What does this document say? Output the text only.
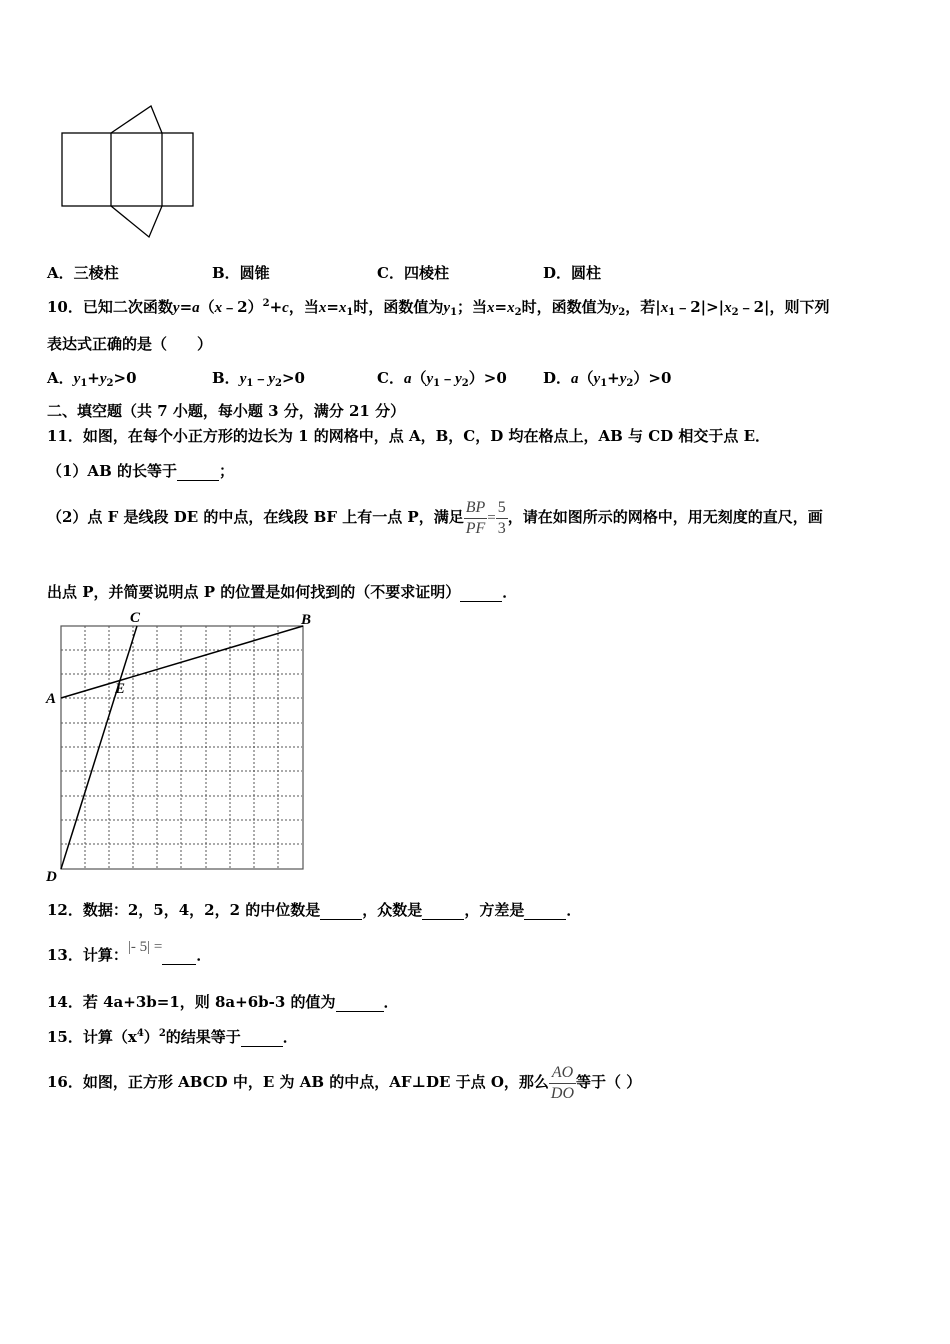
A．三棱柱	B．圆锥	C．四棱柱	D．圆柱
10．已知二次函数y=a（x﹣2）$^2$+c，当$x=x_1$时，函数值为$y_1$；当$x=x_2$时，函数值为$y_2$，若$|x_1﹣2|>|x_2﹣2|$，则下列
表达式正确的是（　　）
A．$y_1+y_2>0$	B．$y_1﹣y_2>0$	C．$a(y_1﹣y_2)>0$ D．$a(y_1+y_2)>0$
二、填空题（共 7 小题，每小题 3 分，满分 21 分）
11．如图，在每个小正方形的边长为 1 的网格中，点 A，B，C，D 均在格点上，AB 与 CD 相交于点 E．
（1）AB 的长等于	；
（2）点 F 是线段 DE 的中点，在线段 BF 上有一点 P，满足 $\frac{BP}{PF} = \frac{5}{3}$ ，请在如图所示的网格中，用无刻度的直尺，画
出点 P，并简要说明点 P 的位置是如何找到的（不要求证明）	．
A
B
C
D
E
12．数据：2，5，4，2，2 的中位数是	，众数是	，方差是	．
13．计算：|- 5| = ．
14．若 4a+3b=1，则 8a+6b-3 的值为	．
15．计算$(x^4)^2$的结果等于	．
16．如图，正方形 ABCD 中，E 为 AB 的中点，AF⊥DE 于点 O，那么 $\frac{AO}{DO}$ 等于（ ）
